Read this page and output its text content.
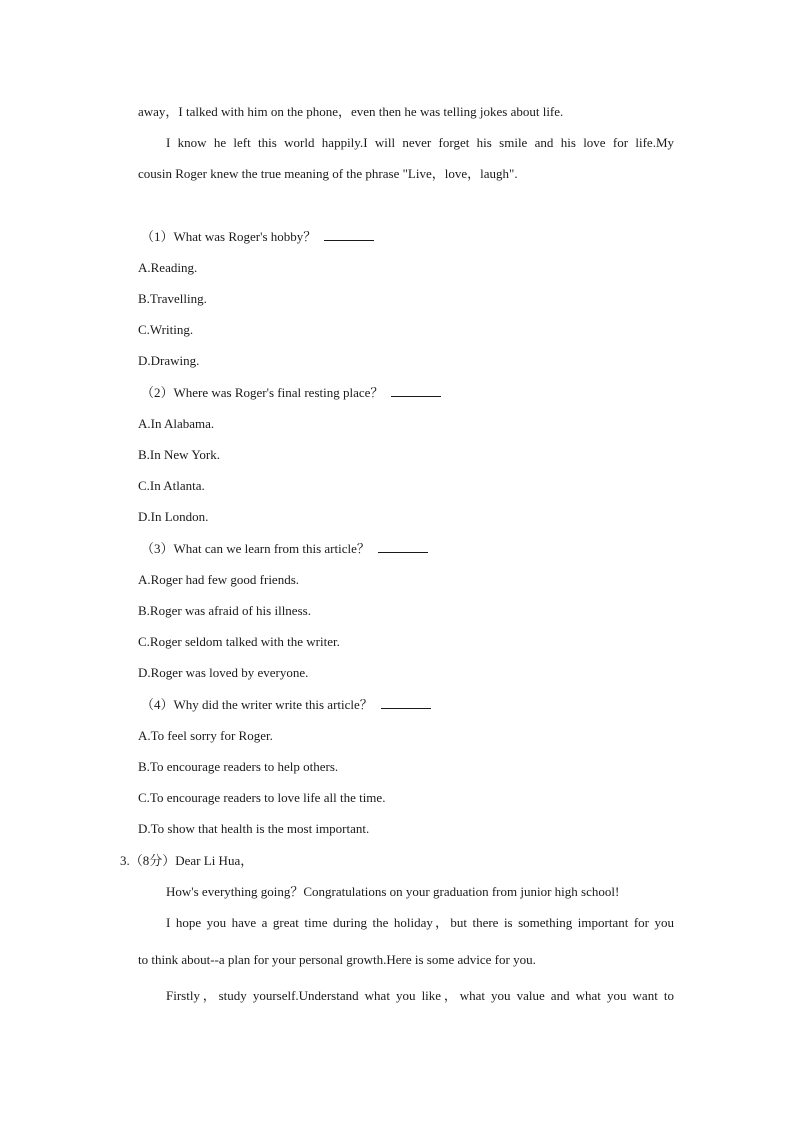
away，I talked with him on the phone，even then he was telling jokes about life.
I know he left this world happily.I will never forget his smile and his love for life.My
cousin Roger knew the true meaning of the phrase "Live，love，laugh".
（1）What was Roger's hobby？
A.Reading.
B.Travelling.
C.Writing.
D.Drawing.
（2）Where was Roger's final resting place？
A.In Alabama.
B.In New York.
C.In Atlanta.
D.In London.
（3）What can we learn from this article？
A.Roger had few good friends.
B.Roger was afraid of his illness.
C.Roger seldom talked with the writer.
D.Roger was loved by everyone.
（4）Why did the writer write this article？
A.To feel sorry for Roger.
B.To encourage readers to help others.
C.To encourage readers to love life all the time.
D.To show that health is the most important.
3.（8分）Dear Li Hua，
How's everything going？Congratulations on your graduation from junior high school!
I hope you have a great time during the holiday，but there is something important for you
to think about--a plan for your personal growth.Here is some advice for you.
Firstly，study yourself.Understand what you like，what you value and what you want to
